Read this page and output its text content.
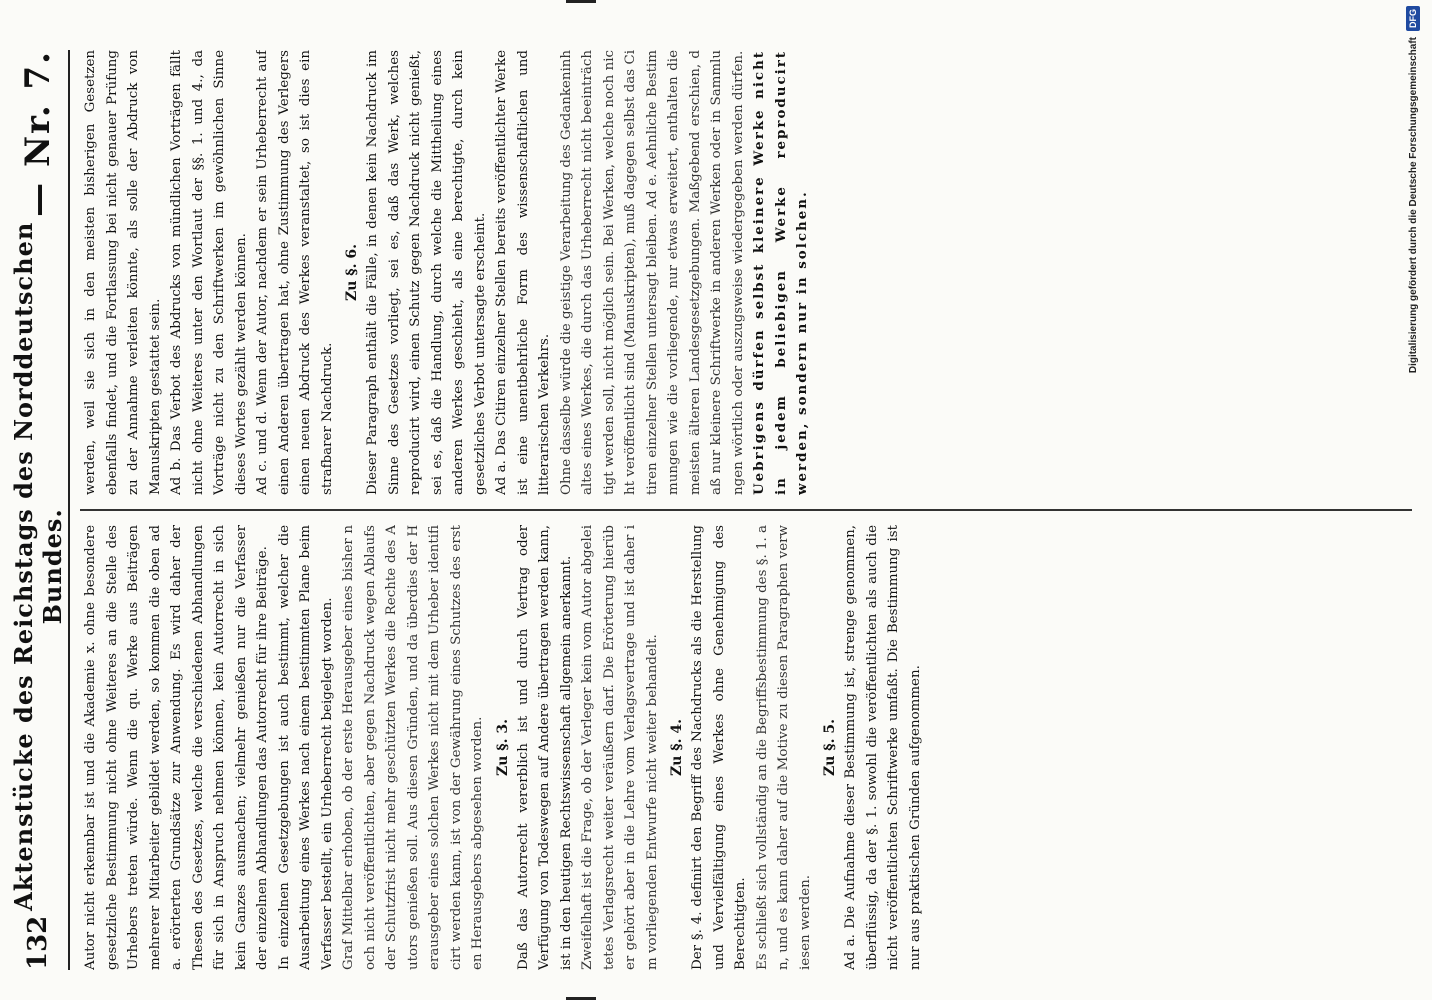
132
Aktenstücke des Reichstags des Norddeutschen Bundes.
— Nr. 7.

Autor nicht erkennbar ist und die Akademie x. ohne besondere gesetzliche Bestimmung nicht ohne Weiteres an die Stelle des Urhebers treten würde. Wenn die qu. Werke aus Beiträgen mehrerer Mitarbeiter gebildet werden, so kommen die oben ad a. erörterten Grundsätze zur Anwendung. Es wird daher der Thesen des Gesetzes, welche die verschiedenen Abhandlungen für sich in Anspruch nehmen können, kein Autorrecht in sich kein Ganzes ausmachen; vielmehr genießen nur die Verfasser der einzelnen Abhandlungen das Autorrecht für ihre Beiträge. In einzelnen Gesetzgebungen ist auch bestimmt, welcher die Ausarbeitung eines Werkes nach einem bestimmten Plane beim Verfasser bestellt, ein Urheberrecht beigelegt worden. Graf Mittelbar erhoben, ob der erste Herausgeber eines bisher noch nicht veröffentlichten, aber gegen Nachdruck wegen Ablaufs der Schutzfrist nicht mehr geschützten Werkes die Rechte des Autors genießen soll.Aus diesen Gründen, und da überdies der Herausgeber eines solchen Werkes nicht mit dem Urheber identificirt werden kann, ist von der Gewährung eines Schutzes des ersten Herausgebers abgesehen worden. Zu §. 3. Daß das Autorrecht vererblich ist und durch Vertrag oder Verfügung von Todeswegen auf Andere übertragen werden kann, ist in den heutigen Rechtswissenschaft allgemein anerkannt. Zweifelhaft ist die Frage, ob der Verleger kein vom Autor abgeleitetes Verlagsrecht weiter veräußern darf. Die Erörterung hierüber gehört aber in die Lehre vom Verlagsvertrage und ist daher im vorliegenden Entwurfe nicht weiter behandelt. Zu §. 4. Der §. 4. definirt den Begriff des Nachdrucks als die Herstellung und Vervielfältigung eines Werkes ohne Genehmigung des Berechtigten. Es schließt sich vollständig an die Begriffsbestimmung des §. 1. an, und es kann daher auf die Motive zu diesen Paragraphen verwiesen werden.
Zu §. 5. Ad a. Die Aufnahme dieser Bestimmung ist, strenge genommen, überflüssig, da der §. 1. sowohl die veröffentlichten als auch die nicht veröffentlichten Schriftwerke umfaßt. Die Bestimmung ist nur aus praktischen Gründen aufgenommen.

werden, weil sie sich in den meisten bisherigen Gesetzen ebenfalls findet, und die Fortlassung bei nicht genauer Prüfung zu der Annahme verleiten könnte, als solle der Abdruck von Manuskripten gestattet sein. Ad b. Das Verbot des Abdrucks von mündlichen Vorträgen fällt nicht ohne Weiteres unter den Wortlaut der §§. 1. und 4., da Vorträge nicht zu den Schriftwerken im gewöhnlichen Sinne dieses Wortes gezählt werden können. Ad c. und d. Wenn der Autor, nachdem er sein Urheberrecht auf einen Anderen übertragen hat, ohne Zustimmung des Verlegers einen neuen Abdruck des Werkes veranstaltet, so ist dies ein strafbarer Nachdruck.

Zu §. 6. Dieser Paragraph enthält die Fälle, in denen kein Nachdruck im Sinne des Gesetzes vorliegt, sei es, daß das Werk, welches reproducirt wird, einen Schutz gegen Nachdruck nicht genießt, sei es, daß die Handlung, durch welche die Mittheilung eines anderen Werkes geschieht, als eine berechtigte, durch kein gesetzliches Verbot untersagte erscheint. Ad a. Das Citiren einzelner Stellen bereits veröffentlichter Werke ist eine unentbehrliche Form des wissenschaftlichen und litterarischen Verkehrs. Ohne dasselbe würde die geistige Verarbeitung des Gedankeninhaltes eines Werkes, die durch das Urheberrecht nicht beeinträchtigt werden soll, nicht möglich sein.Bei Werken, welche noch nicht veröffentlicht sind (Manuskripten), muß dagegen selbst das Citiren einzelner Stellen untersagt bleiben.Ad e. Aehnliche Bestimmungen wie die vorliegende, nur etwas erweitert, enthalten die meisten älteren Landesgesetzgebungen.Maßgebend erschien, daß nur kleinere Schriftwerke in anderen Werken oder in Sammlungen wörtlich oder auszugsweise wiedergegeben werden dürfen. Uebrigens dürfen selbst kleinere Werke nicht in jedem beliebigen Werke reproducirt werden, sondern nur in solchen.

DFG
Digitalisierung gefördert durch die Deutsche Forschungsgemeinschaft
